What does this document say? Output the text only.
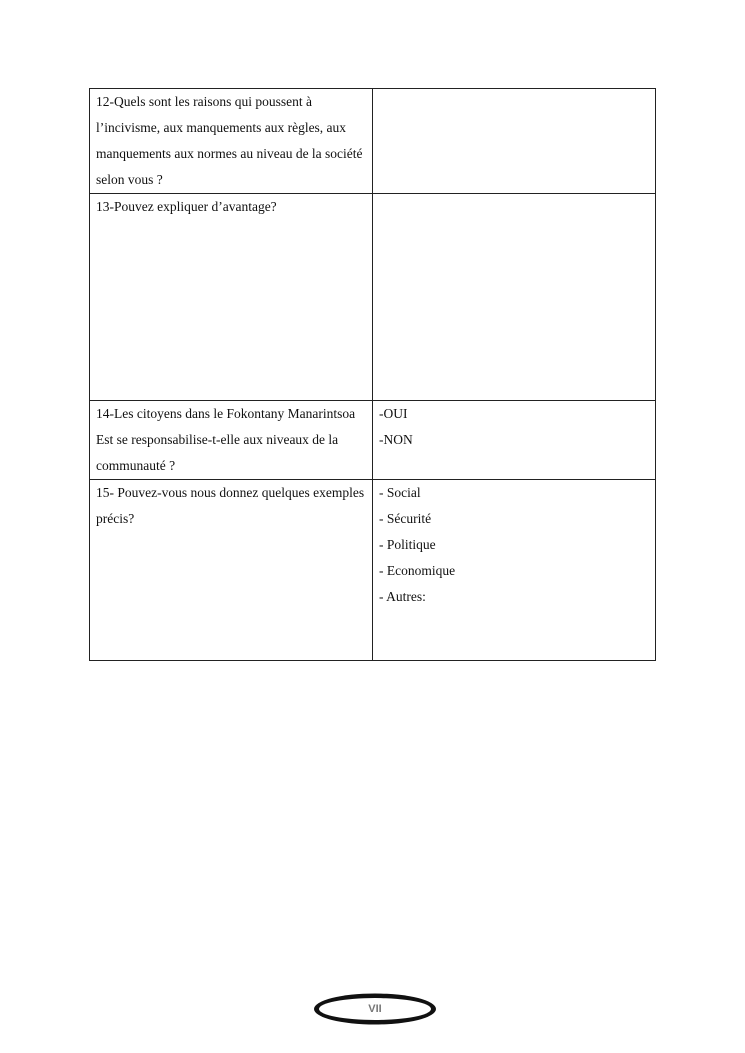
12-Quels sont les raisons qui poussent à l’incivisme, aux manquements aux règles, aux manquements aux normes au niveau de la société selon vous ?	
13-Pouvez expliquer d’avantage?	
14-Les citoyens dans le Fokontany Manarintsoa Est se responsabilise-t-elle aux niveaux de la communauté ?	-OUI
-NON

15- Pouvez-vous nous donnez quelques exemples précis?	- Social
- Sécurité
- Politique
- Economique
- Autres:
VII
